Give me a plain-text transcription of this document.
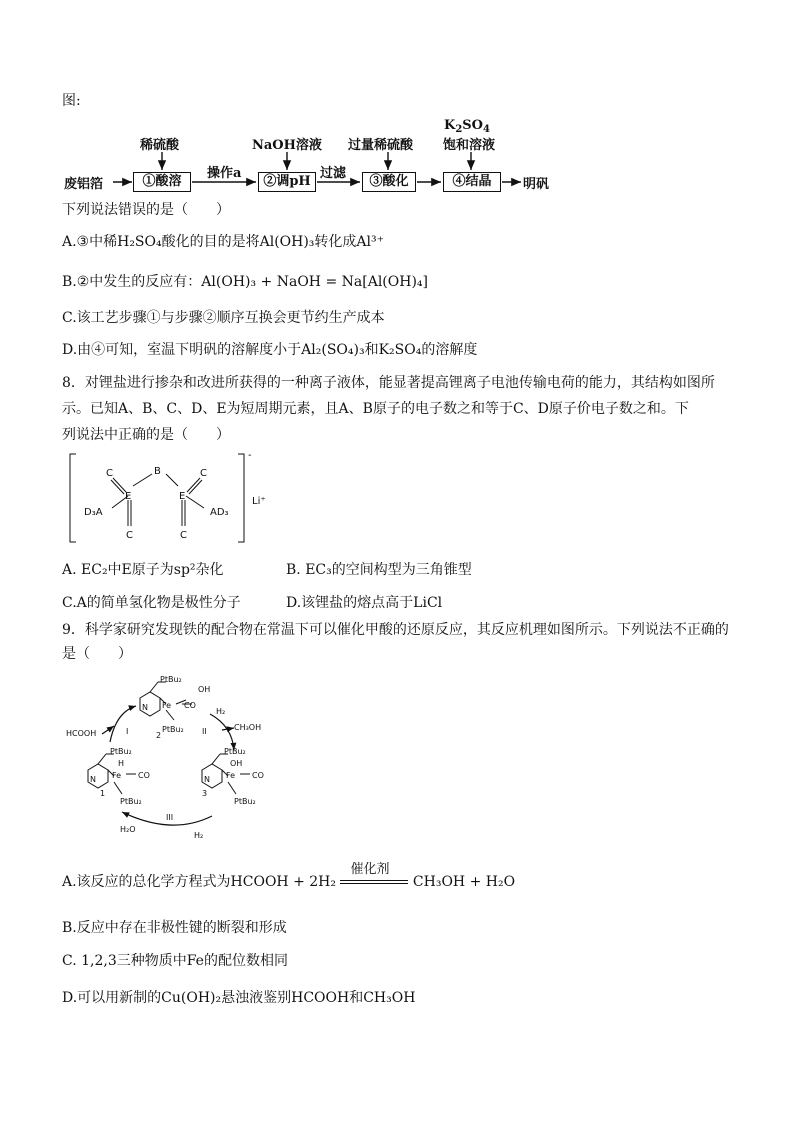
图:
废铝箔	①酸溶	②调pH	③酸化	④结晶	明矾
稀硫酸	NaOH溶液 过量稀硫酸
$K_2SO_4$
饱和溶液
操作a	过滤
下列说法错误的是（　　）
A.③中稀H₂SO₄酸化的目的是将Al(OH)₃转化成Al³⁺
B.②中发生的反应有：Al(OH)₃ + NaOH = Na[Al(OH)₄]
C.该工艺步骤①与步骤②顺序互换会更节约生产成本
D.由④可知，室温下明矾的溶解度小于Al₂(SO₄)₃和K₂SO₄的溶解度
8．对锂盐进行掺杂和改进所获得的一种离子液体，能显著提高锂离子电池传输电荷的能力，其结构如图所
示。已知A、B、C、D、E为短周期元素，且A、B原子的电子数之和等于C、D原子价电子数之和。下
列说法中正确的是（　　）
C	B	C
E	E
D₃A	AD₃
C	C
-
Li⁺
A. EC₂中E原子为sp²杂化	B. EC₃的空间构型为三角锥型
C.A的简单氢化物是极性分子	D.该锂盐的熔点高于LiCl
9．科学家研究发现铁的配合物在常温下可以催化甲酸的还原反应，其反应机理如图所示。下列说法不正确的
是（　　）
PtBu₂
OH
N Fe CO
PtBu₂
2
I
HCOOH
H₂
II	CH₃OH
PtBu₂
H
N Fe CO
1
PtBu₂
PtBu₂
OH
N Fe CO
3
PtBu₂
III
H₂
H₂O
A.该反应的总化学方程式为HCOOH + 2H₂
催化剂
CH₃OH + H₂O
B.反应中存在非极性键的断裂和形成
C. 1,2,3三种物质中Fe的配位数相同
D.可以用新制的Cu(OH)₂悬浊液鉴别HCOOH和CH₃OH
